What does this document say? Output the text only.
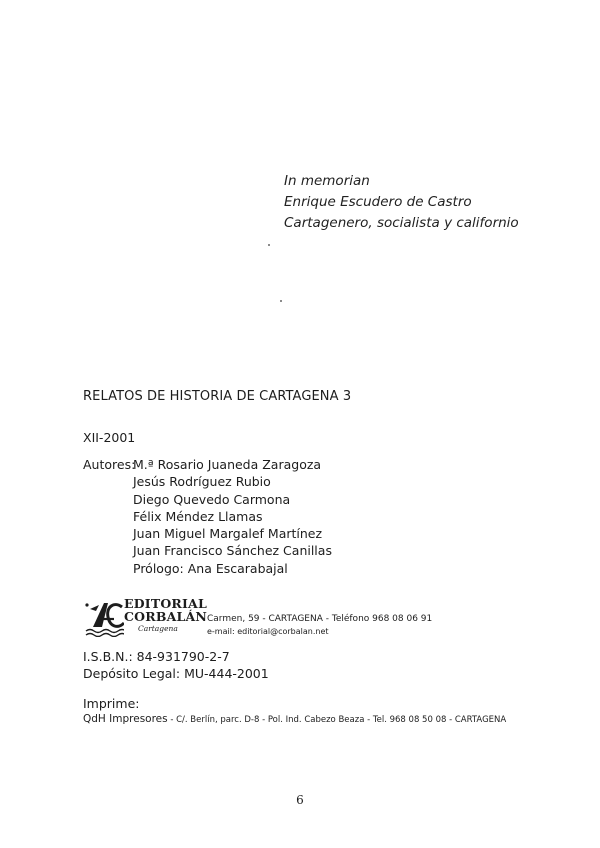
In memorian
Enrique Escudero de Castro
Cartagenero, socialista y californio
RELATOS DE HISTORIA DE CARTAGENA 3
XII-2001
Autores:
M.ª Rosario Juaneda Zaragoza
Jesús Rodríguez Rubio
Diego Quevedo Carmona
Félix Méndez Llamas
Juan Miguel Margalef Martínez
Juan Francisco Sánchez Canillas
Prólogo: Ana Escarabajal
EDITORIAL
CORBALÁN
Cartagena
Carmen, 59 - CARTAGENA - Teléfono 968 08 06 91
e-mail: editorial@corbalan.net
I.S.B.N.: 84-931790-2-7
Depósito Legal: MU-444-2001
Imprime:
QdH Impresores - C/. Berlín, parc. D-8 - Pol. Ind. Cabezo Beaza - Tel. 968 08 50 08 - CARTAGENA
6
